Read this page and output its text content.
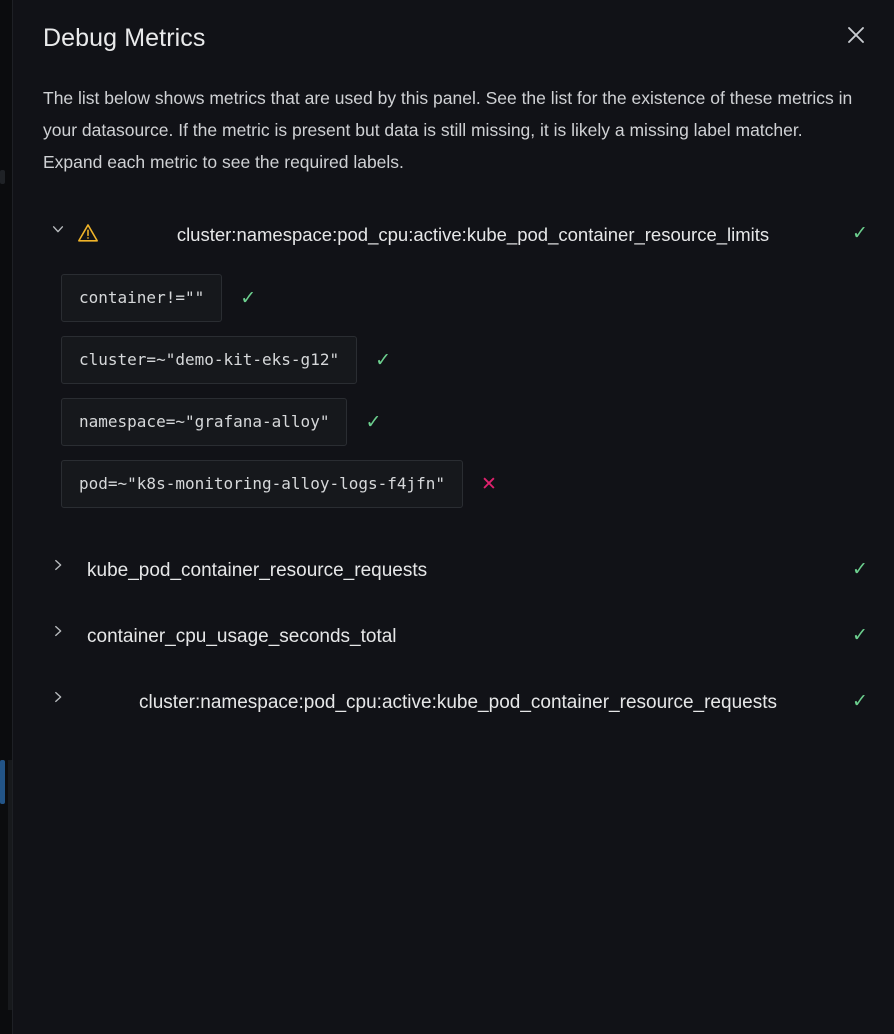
Debug Metrics
The list below shows metrics that are used by this panel. See the list for the existence of these metrics in your datasource. If the metric is present but data is still missing, it is likely a missing label matcher. Expand each metric to see the required labels.
cluster:namespace:pod_cpu:active:kube_pod_container_resource_limits	✓
container!=""	✓
cluster=~"demo-kit-eks-g12"	✓
namespace=~"grafana-alloy"	✓
pod=~"k8s-monitoring-alloy-logs-f4jfn"	✕
kube_pod_container_resource_requests	✓
container_cpu_usage_seconds_total	✓
cluster:namespace:pod_cpu:active:kube_pod_container_resource_requests	✓
